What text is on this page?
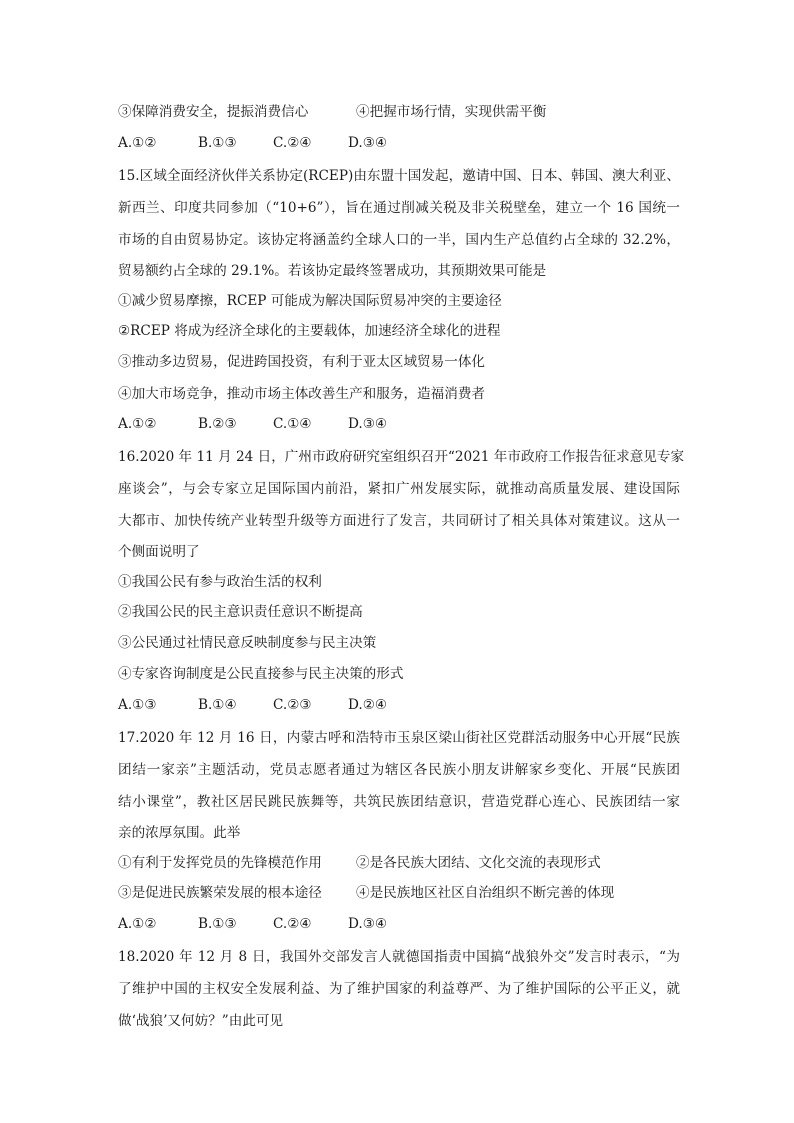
③保障消费安全，提振消费信心	④把握市场行情，实现供需平衡
A.①②	B.①③	C.②④	D.③④
15.区域全面经济伙伴关系协定(RCEP)由东盟十国发起，邀请中国、日本、韩国、澳大利亚、
新西兰、印度共同参加（“10+6”），旨在通过削减关税及非关税壁垒，建立一个 16 国统一
市场的自由贸易协定。该协定将涵盖约全球人口的一半，国内生产总值约占全球的 32.2%，
贸易额约占全球的 29.1%。若该协定最终签署成功，其预期效果可能是
①减少贸易摩擦，RCEP 可能成为解决国际贸易冲突的主要途径
②RCEP 将成为经济全球化的主要载体，加速经济全球化的进程
③推动多边贸易，促进跨国投资，有利于亚太区域贸易一体化
④加大市场竞争，推动市场主体改善生产和服务，造福消费者
A.①②	B.②③	C.①④	D.③④
16.2020 年 11 月 24 日，广州市政府研究室组织召开“2021 年市政府工作报告征求意见专家
座谈会”，与会专家立足国际国内前沿，紧扣广州发展实际，就推动高质量发展、建设国际
大都市、加快传统产业转型升级等方面进行了发言，共同研讨了相关具体对策建议。这从一
个侧面说明了
①我国公民有参与政治生活的权利
②我国公民的民主意识责任意识不断提高
③公民通过社情民意反映制度参与民主决策
④专家咨询制度是公民直接参与民主决策的形式
A.①③	B.①④	C.②③	D.②④
17.2020 年 12 月 16 日，内蒙古呼和浩特市玉泉区梁山街社区党群活动服务中心开展“民族
团结一家亲”主题活动，党员志愿者通过为辖区各民族小朋友讲解家乡变化、开展“民族团
结小课堂”，教社区居民跳民族舞等，共筑民族团结意识，营造党群心连心、民族团结一家
亲的浓厚氛围。此举
①有利于发挥党员的先锋模范作用	②是各民族大团结、文化交流的表现形式
③是促进民族繁荣发展的根本途径	④是民族地区社区自治组织不断完善的体现
A.①②	B.①③	C.②④	D.③④
18.2020 年 12 月 8 日，我国外交部发言人就德国指责中国搞“战狼外交”发言时表示，“为
了维护中国的主权安全发展利益、为了维护国家的利益尊严、为了维护国际的公平正义，就
做‘战狼’又何妨？”由此可见
